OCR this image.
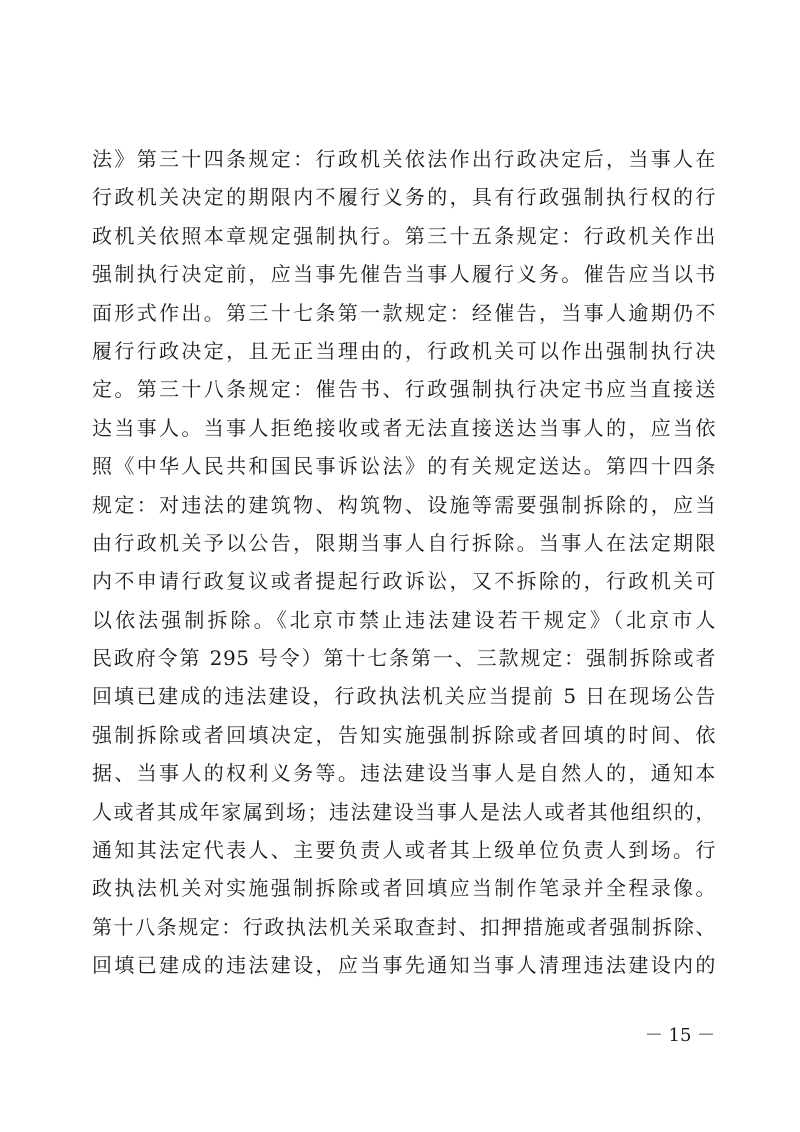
法》第三十四条规定：行政机关依法作出行政决定后，当事人在
行政机关决定的期限内不履行义务的，具有行政强制执行权的行
政机关依照本章规定强制执行。第三十五条规定：行政机关作出
强制执行决定前，应当事先催告当事人履行义务。催告应当以书
面形式作出。第三十七条第一款规定：经催告，当事人逾期仍不
履行行政决定，且无正当理由的，行政机关可以作出强制执行决
定。第三十八条规定：催告书、行政强制执行决定书应当直接送
达当事人。当事人拒绝接收或者无法直接送达当事人的，应当依
照《中华人民共和国民事诉讼法》的有关规定送达。第四十四条
规定：对违法的建筑物、构筑物、设施等需要强制拆除的，应当
由行政机关予以公告，限期当事人自行拆除。当事人在法定期限
内不申请行政复议或者提起行政诉讼，又不拆除的，行政机关可
以依法强制拆除。《北京市禁止违法建设若干规定》（北京市人
民政府令第 295 号令）第十七条第一、三款规定：强制拆除或者
回填已建成的违法建设，行政执法机关应当提前 5 日在现场公告
强制拆除或者回填决定，告知实施强制拆除或者回填的时间、依
据、当事人的权利义务等。违法建设当事人是自然人的，通知本
人或者其成年家属到场；违法建设当事人是法人或者其他组织的，
通知其法定代表人、主要负责人或者其上级单位负责人到场。行
政执法机关对实施强制拆除或者回填应当制作笔录并全程录像。
第十八条规定：行政执法机关采取查封、扣押措施或者强制拆除、
回填已建成的违法建设，应当事先通知当事人清理违法建设内的
－ 15 －
